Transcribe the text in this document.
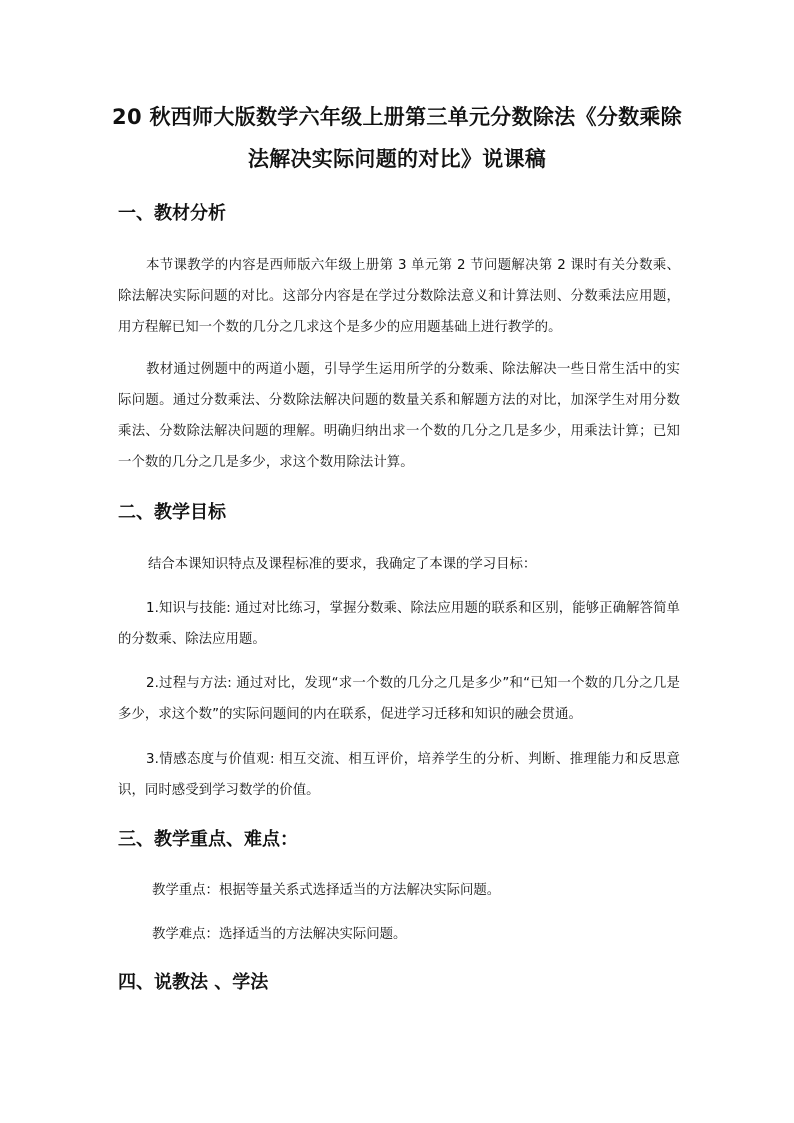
20 秋西师大版数学六年级上册第三单元分数除法《分数乘除
法解决实际问题的对比》说课稿
一、教材分析

本节课教学的内容是西师版六年级上册第 3 单元第 2 节问题解决第 2 课时有关分数乘、除法解决实际问题的对比。这部分内容是在学过分数除法意义和计算法则、分数乘法应用题，用方程解已知一个数的几分之几求这个是多少的应用题基础上进行教学的。

教材通过例题中的两道小题，引导学生运用所学的分数乘、除法解决一些日常生活中的实际问题。通过分数乘法、分数除法解决问题的数量关系和解题方法的对比，加深学生对用分数乘法、分数除法解决问题的理解。明确归纳出求一个数的几分之几是多少，用乘法计算；已知一个数的几分之几是多少，求这个数用除法计算。

二、教学目标

结合本课知识特点及课程标准的要求，我确定了本课的学习目标：

1.知识与技能: 通过对比练习，掌握分数乘、除法应用题的联系和区别，能够正确解答简单的分数乘、除法应用题。

2.过程与方法: 通过对比，发现“求一个数的几分之几是多少”和“已知一个数的几分之几是多少，求这个数”的实际问题间的内在联系，促进学习迁移和知识的融会贯通。

3.情感态度与价值观: 相互交流、相互评价，培养学生的分析、判断、推理能力和反思意识，同时感受到学习数学的价值。

三、教学重点、难点：

教学重点：根据等量关系式选择适当的方法解决实际问题。

教学难点：选择适当的方法解决实际问题。

四、说教法 、学法
